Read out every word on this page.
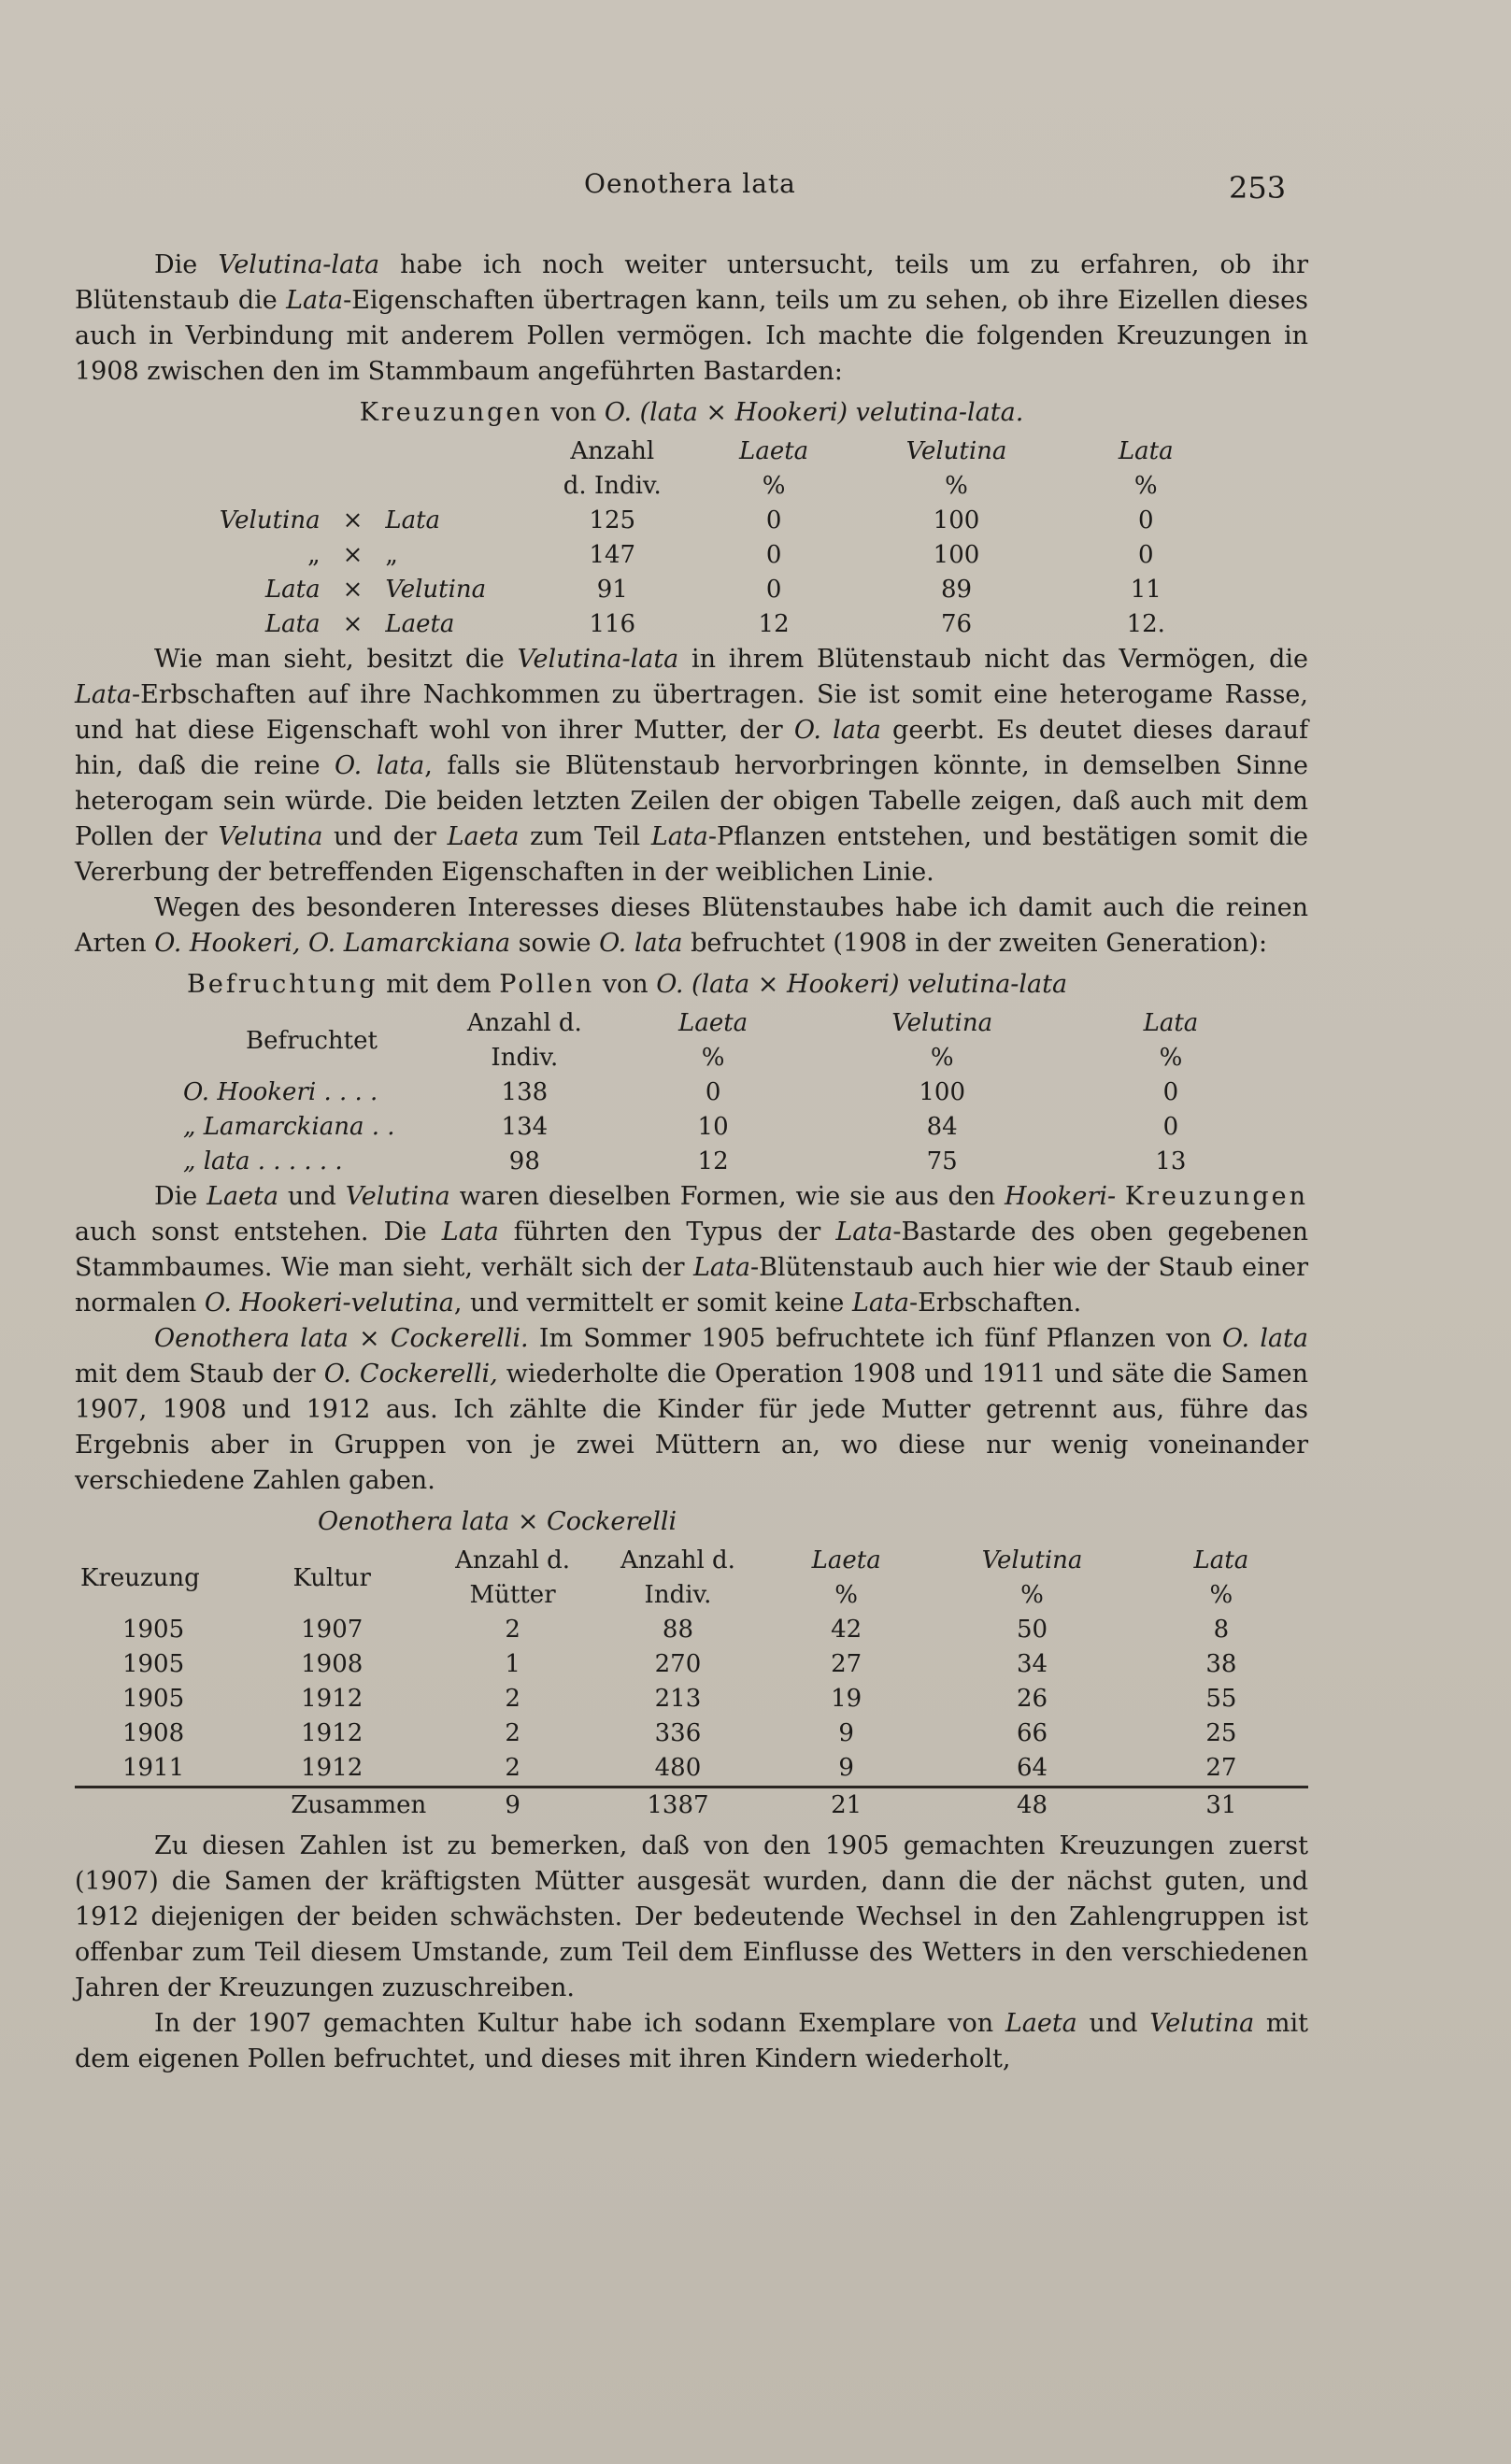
Oenothera lata	253

Die Velutina-lata habe ich noch weiter untersucht, teils um zu erfahren, ob ihr Blütenstaub die Lata-Eigenschaften übertragen kann, teils um zu sehen, ob ihre Eizellen dieses auch in Verbindung mit anderem Pollen vermögen. Ich machte die folgenden Kreuzungen in 1908 zwischen den im Stammbaum angeführten Bastarden:

Kreuzungen von O. (lata × Hookeri) velutina-lata.
			Anzahl	Laeta	Velutina	Lata
			d. Indiv.	%	%	%
Velutina	×	Lata	125	0	100	0
„	×	„	147	0	100	0
Lata	×	Velutina	91	0	89	11
Lata	×	Laeta	116	12	76	12.

Wie man sieht, besitzt die Velutina-lata in ihrem Blütenstaub nicht das Vermögen, die Lata-Erbschaften auf ihre Nachkommen zu übertragen. Sie ist somit eine heterogame Rasse, und hat diese Eigenschaft wohl von ihrer Mutter, der O. lata geerbt. Es deutet dieses darauf hin, daß die reine O. lata, falls sie Blütenstaub hervorbringen könnte, in demselben Sinne heterogam sein würde. Die beiden letzten Zeilen der obigen Tabelle zeigen, daß auch mit dem Pollen der Velutina und der Laeta zum Teil Lata-Pflanzen entstehen, und bestätigen somit die Vererbung der betreffenden Eigenschaften in der weiblichen Linie.

Wegen des besonderen Interesses dieses Blütenstaubes habe ich damit auch die reinen Arten O. Hookeri, O. Lamarckiana sowie O. lata befruchtet (1908 in der zweiten Generation):

Befruchtung mit dem Pollen von O. (lata × Hookeri) velutina-lata
Befruchtet	Anzahl d.	Laeta	Velutina	Lata
	Indiv.	%	%	%
O. Hookeri . . . .	138	0	100	0
„ Lamarckiana . .	134	10	84	0
„ lata . . . . . .	98	12	75	13

Die Laeta und Velutina waren dieselben Formen, wie sie aus den Hookeri- Kreuzungen auch sonst entstehen. Die Lata führten den Typus der Lata-Bastarde des oben gegebenen Stammbaumes. Wie man sieht, verhält sich der Lata-Blütenstaub auch hier wie der Staub einer normalen O. Hookeri-velutina, und vermittelt er somit keine Lata-Erbschaften.

Oenothera lata × Cockerelli. Im Sommer 1905 befruchtete ich fünf Pflanzen von O. lata mit dem Staub der O. Cockerelli, wiederholte die Operation 1908 und 1911 und säte die Samen 1907, 1908 und 1912 aus. Ich zählte die Kinder für jede Mutter getrennt aus, führe das Ergebnis aber in Gruppen von je zwei Müttern an, wo diese nur wenig voneinander verschiedene Zahlen gaben.

Oenothera lata × Cockerelli
Kreuzung	Kultur	Anzahl d.	Anzahl d.	Laeta	Velutina	Lata
		Mütter	Indiv.	%	%	%
1905	1907	2	88	42	50	8
1905	1908	1	270	27	34	38
1905	1912	2	213	19	26	55
1908	1912	2	336	9	66	25
1911	1912	2	480	9	64	27
	Zusammen	9	1387	21	48	31

Zu diesen Zahlen ist zu bemerken, daß von den 1905 gemachten Kreuzungen zuerst (1907) die Samen der kräftigsten Mütter ausgesät wurden, dann die der nächst guten, und 1912 diejenigen der beiden schwächsten. Der bedeutende Wechsel in den Zahlengruppen ist offenbar zum Teil diesem Umstande, zum Teil dem Einflusse des Wetters in den verschiedenen Jahren der Kreuzungen zuzuschreiben.

In der 1907 gemachten Kultur habe ich sodann Exemplare von Laeta und Velutina mit dem eigenen Pollen befruchtet, und dieses mit ihren Kindern wiederholt,
